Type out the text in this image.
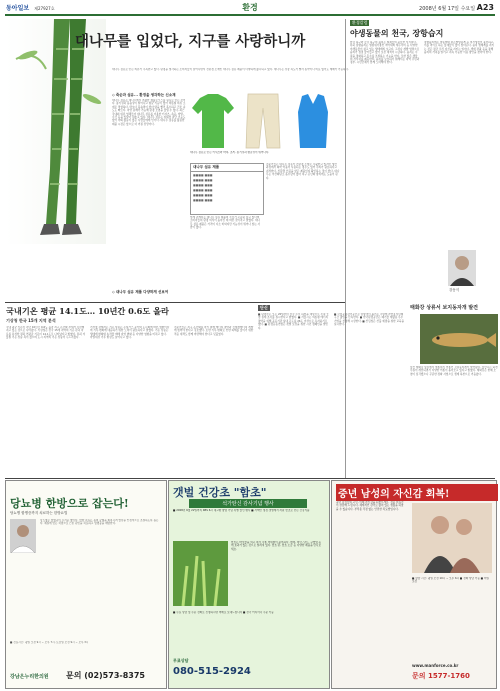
동아일보 제27927호	환경	2008년 6월 17일 수요일 A23
대나무를 입었다, 지구를 사랑하니까
대나무 섬유로 만든 의류가 주목받고 있다. 환경을 생각하는 소비자들이 늘어나면서 친환경 소재인 대나무 섬유 제품이 다양하게 출시되고 있다. 대나무는 성장 속도가 빨라 농약이나 비료 없이도 재배가 가능하다.
◇ 죽순과 섬유... 환경을 생각하는 신소재
대나무 섬유는 대나무에서 추출한 셀룰로오스를 원료로 만든 것이다. 통기성과 흡습성이 뛰어나고 항균 기능이 있어 여름철 의류 소재로 적합하다. 면보다 흡습력이 좋아 땀을 빨리 흡수하고 건조 속도도 빠르다. 자연 분해가 가능해 환경 오염을 줄일 수 있다. 최근 국내외 의류 업체들이 대나무 섬유를 이용한 티셔츠, 속옷, 양말, 수건 등을 잇달아 내놓고 있다. 대나무 섬유는 자외선 차단 기능도 있어 야외 활동이 많은 사람들에게 인기다. 대나무 섬유를 활용한 제품 시장은 앞으로 더 커질 전망이다.
◇ 대나무 섬유 제품 다양하게 선보여
대나무 섬유로 만든 티셔츠와 바지, 조끼. 통기성과 항균성이 뛰어나다.
대나무 섬유 제품
■■■■ ■■■
■■■■ ■■■
■■■■ ■■■
■■■■ ■■■
■■■■ ■■■
■■■■ ■■■
업계 관계자는 대나무 섬유 제품의 수요가 꾸준히 늘고 있다며 소비자들의 환경 의식이 높아진 데 따른 것이라고 말했다. 대나무 섬유 제품은 가격이 다소 비싸지만 기능성이 뛰어나 찾는 사람이 많다.
전문가들은 대나무 섬유가 친환경 소재로 각광받고 있지만 생산 과정에서 화학 약품이 사용되는 경우도 있어 주의가 필요하다고 지적한다. 친환경 인증을 받은 제품인지 확인하는 것이 좋다. 대나무는 이산화탄소 흡수량이 많아 지구 온난화 방지에도 도움이 된다.
환경칼럼
야생동물의 천국, 장항습지
한강 하구와 금강 하구의 습지는 철새들의 중요한 서식지다. 특히 장항습지는 멸종위기종인 저어새와 재두루미 등 다양한 야생동물이 살고 있는 생태계의 보고다. 그러나 개발 압력으로 습지가 점점 줄어들고 있어 보전 대책이 시급하다. 습지는 수질을 정화하고 홍수를 조절하는 기능을 한다. 또한 많은 생물의 서식처를 제공한다. 습지를 보호하기 위해서는 지역 주민과 정부, 시민단체가 함께 노력해야 한다.
장항습지에는 말똥게와 붉은발말똥게 등 저서생물이 풍부하고, 이를 먹이로 하는 물새들이 많이 찾아온다. 습지 생태계를 지키는 것은 결국 우리 자신을 지키는 일이다. 생태 관광 등을 통해 습지의 가치를 알리고 지속 가능한 이용 방안을 찾아야 한다.
강동식
국내기온 평균 14.1도… 10년간 0.6도 올라
기상청 한국 15개 지역 분석
국내 평균 기온이 지난 10년간 0.6도 올라 지구 온난화 추세가 뚜렷해지고 있는 것으로 나타났다. 기상청은 전국 15개 지역의 기온 관측 자료를 분석한 결과 연평균 기온이 14.1도로 나타났다고 밝혔다. 특히 겨울철 기온 상승 폭이 컸으며 도시 지역의 기온 상승이 두드러졌다.
기상청 관계자는 기온 상승은 온실가스 증가와 도시화에 따른 영향이라며 기후 변화에 대응하기 위한 노력이 필요하다고 말했다. 기온 상승은 생태계 변화와 농작물 재배 지역 변화 등 다양한 영향을 미치고 있다. 아열대성 기후 현상도 늘어나고 있다.
전문가들은 지구 온난화를 막기 위해 에너지 절약과 신재생에너지 개발에 힘써야 한다고 강조했다. 또한 기후 변화로 인한 피해를 줄이기 위한 적응 대책도 함께 마련해야 한다고 덧붙였다.
단신
■ 환경부는 오는 20일부터 전국 주요 하천을 대상으로 수질 오염 실태 조사를 실시한다고 밝혔다. ■ 서울시는 여름철 에너지 절약을 위해 공공기관 실내 온도를 26도 이상으로 유지하기로 했다. ■ 환경운동연합은 갯벌 보전을 위한 시민 캠페인을 벌인다.
■ 국립공원관리공단은 탐방객이 몰리는 주말에 자연휴식년제 구간 출입을 단속한다. ■ 한국환경공단은 폐기물 재활용 우수 기업을 선정해 시상한다. ■ 산림청은 산불 예방을 위한 교육을 실시한다.
태화강 상류서 보지동자개 발견
울산 태화강 상류에서 멸종위기 어종인 꼬치동자개가 발견됐다. 울산시는 하천 수질이 개선되면서 다양한 어종이 돌아오고 있다고 밝혔다. 태화강은 한때 오염이 심각했으나 꾸준한 정화 사업으로 생태 하천으로 거듭났다.
당뇨병 한방으로 잡는다!
당뇨병 합병증까지 치료하는 한방요법
당뇨병은 합병증이 무서운 병이다. 한방 치료는 몸의 균형을 회복시켜 혈당을 안정적으로 조절하도록 돕는다. 체질에 맞는 처방으로 근본 원인을 치료하고 합병증을 예방한다.
■ 진료시간: 평일 오전 9시 ~ 오후 7시, 토요일 오전 9시 ~ 오후 3시
강남은누리한의원 문의 (02)573-8375
갯벌 건강초 "함초"
석가탄신 감사기념 행사
■ 2008년 6월 22일까지 KBS 6시 내고향 방영 기념 특별 할인 행사 ■ 서해안 청정 갯벌에서 자란 함초로 만든 건강식품
함초는 바닷물을 먹고 자라 각종 미네랄이 풍부하다. 변비, 비만, 당뇨, 고혈압 등에 효과가 있는 것으로 알려져 있다. 함초 환, 함초 소금 등 다양한 제품을 만나보세요.
■ 무료 상담 및 주문 전화로 신청하시면 택배로 보내드립니다 ■ 전국 어디서나 주문 가능
무료상담
080-515-2924
중년 남성의 자신감 회복!
중년 남성들의 고민, 이제 자신감을 되찾으세요. 전문 의료진이 상담해 드립니다. 체계적인 관리로 활력 있는 생활을 되찾을 수 있습니다. 부작용 걱정 없는 안전한 치료법입니다.
■ 상담 시간: 평일 오전 10시 ~ 오후 6시 ■ 전화 상담 가능 ■ 비밀 보장
www.manforce.co.kr
문의 1577-1760
